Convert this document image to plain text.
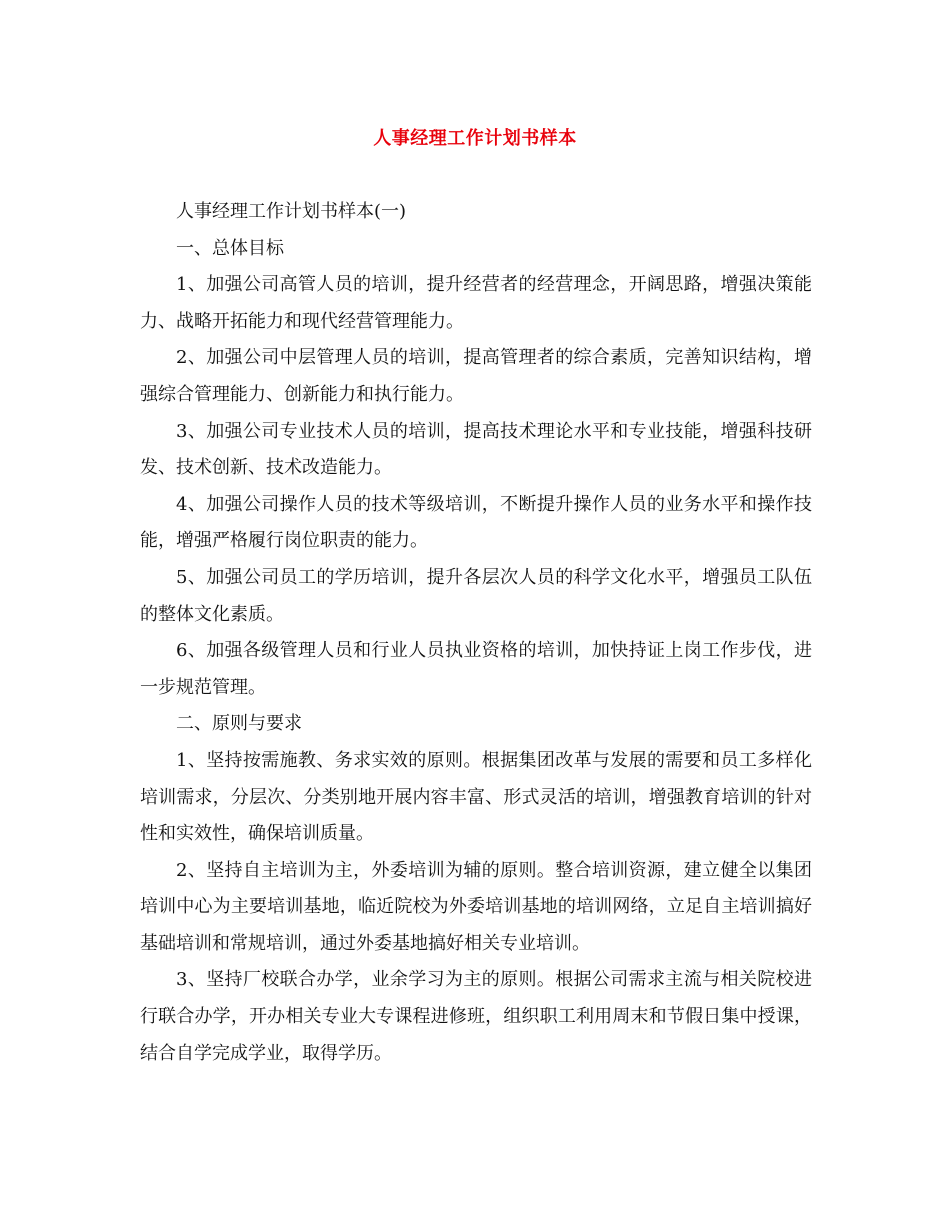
人事经理工作计划书样本

人事经理工作计划书样本(一)

一、总体目标

1、加强公司高管人员的培训，提升经营者的经营理念，开阔思路，增强决策能力、战略开拓能力和现代经营管理能力。

2、加强公司中层管理人员的培训，提高管理者的综合素质，完善知识结构，增强综合管理能力、创新能力和执行能力。

3、加强公司专业技术人员的培训，提高技术理论水平和专业技能，增强科技研发、技术创新、技术改造能力。

4、加强公司操作人员的技术等级培训，不断提升操作人员的业务水平和操作技能，增强严格履行岗位职责的能力。

5、加强公司员工的学历培训，提升各层次人员的科学文化水平，增强员工队伍的整体文化素质。

6、加强各级管理人员和行业人员执业资格的培训，加快持证上岗工作步伐，进一步规范管理。

二、原则与要求

1、坚持按需施教、务求实效的原则。根据集团改革与发展的需要和员工多样化培训需求，分层次、分类别地开展内容丰富、形式灵活的培训，增强教育培训的针对性和实效性，确保培训质量。

2、坚持自主培训为主，外委培训为辅的原则。整合培训资源，建立健全以集团培训中心为主要培训基地，临近院校为外委培训基地的培训网络，立足自主培训搞好基础培训和常规培训，通过外委基地搞好相关专业培训。

3、坚持厂校联合办学，业余学习为主的原则。根据公司需求主流与相关院校进行联合办学，开办相关专业大专课程进修班，组织职工利用周末和节假日集中授课，结合自学完成学业，取得学历。
